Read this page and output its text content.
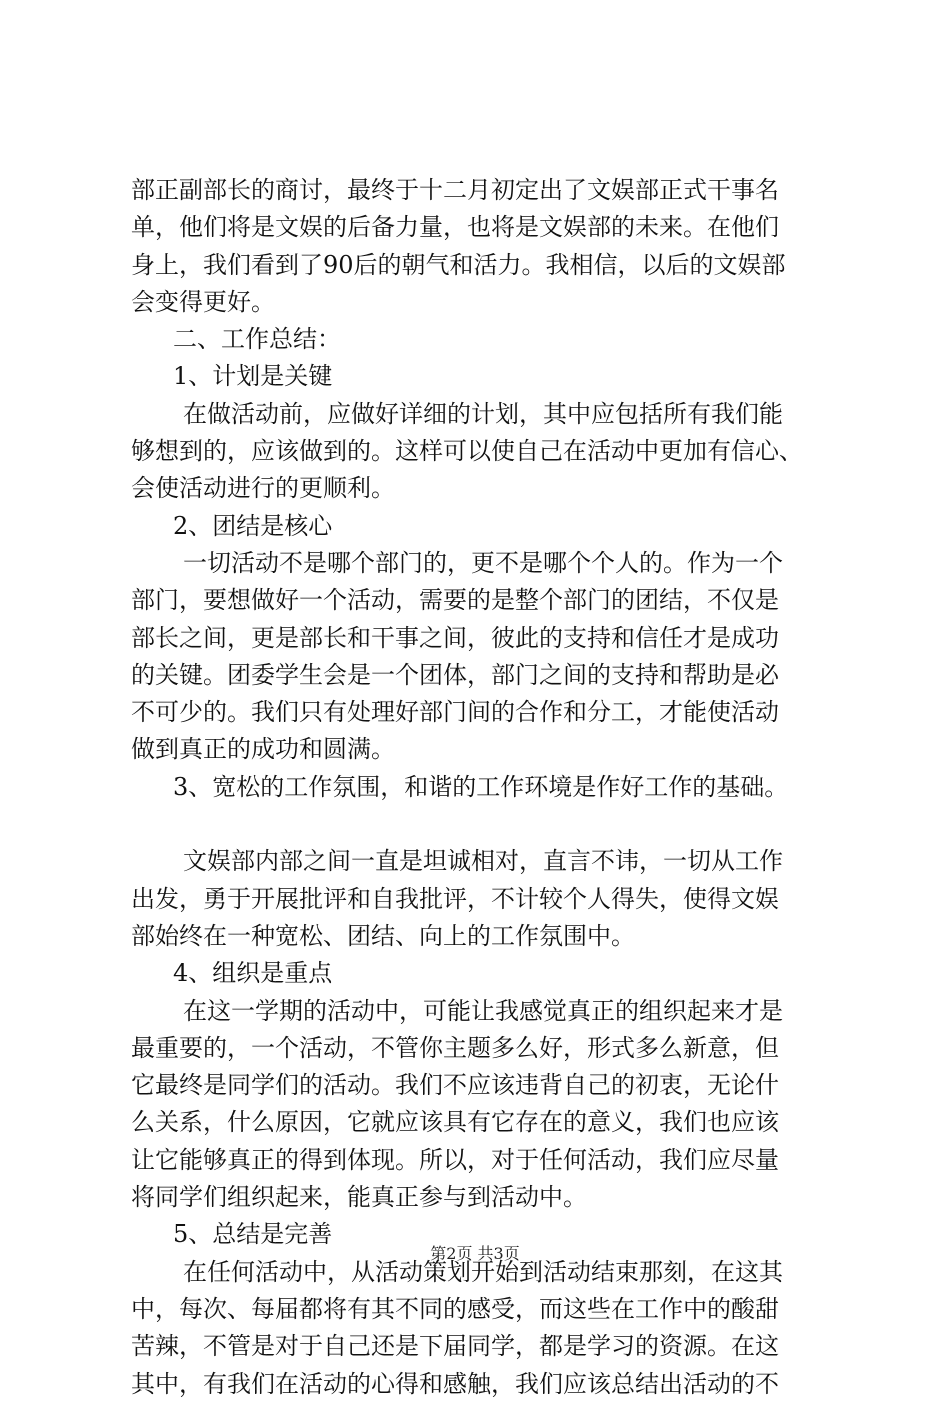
部正副部长的商讨，最终于十二月初定出了文娱部正式干事名
单，他们将是文娱的后备力量，也将是文娱部的未来。在他们
身上，我们看到了90后的朝气和活力。我相信，以后的文娱部
会变得更好。
二、工作总结：
1、计划是关键
在做活动前，应做好详细的计划，其中应包括所有我们能
够想到的，应该做到的。这样可以使自己在活动中更加有信心、
会使活动进行的更顺利。
2、团结是核心
一切活动不是哪个部门的，更不是哪个个人的。作为一个
部门，要想做好一个活动，需要的是整个部门的团结，不仅是
部长之间，更是部长和干事之间，彼此的支持和信任才是成功
的关键。团委学生会是一个团体，部门之间的支持和帮助是必
不可少的。我们只有处理好部门间的合作和分工，才能使活动
做到真正的成功和圆满。
3、宽松的工作氛围，和谐的工作环境是作好工作的基础。
文娱部内部之间一直是坦诚相对，直言不讳，一切从工作
出发，勇于开展批评和自我批评，不计较个人得失，使得文娱
部始终在一种宽松、团结、向上的工作氛围中。
4、组织是重点
在这一学期的活动中，可能让我感觉真正的组织起来才是
最重要的，一个活动，不管你主题多么好，形式多么新意，但
它最终是同学们的活动。我们不应该违背自己的初衷，无论什
么关系，什么原因，它就应该具有它存在的意义，我们也应该
让它能够真正的得到体现。所以，对于任何活动，我们应尽量
将同学们组织起来，能真正参与到活动中。
5、总结是完善
在任何活动中，从活动策划开始到活动结束那刻，在这其
中，每次、每届都将有其不同的感受，而这些在工作中的酸甜
苦辣，不管是对于自己还是下届同学，都是学习的资源。在这
其中，有我们在活动的心得和感触，我们应该总结出活动的不
第2页 共3页
